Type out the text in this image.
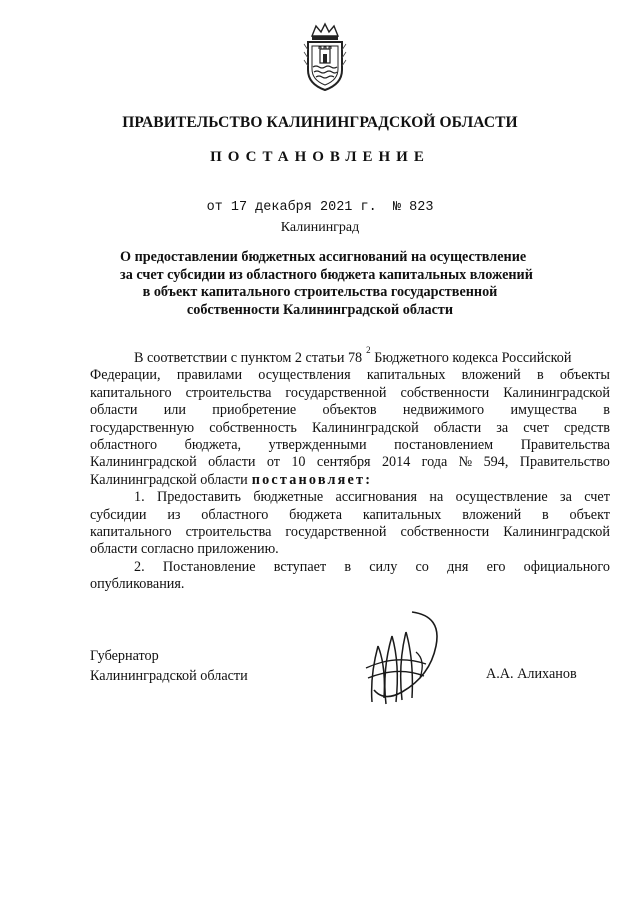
ПРАВИТЕЛЬСТВО КАЛИНИНГРАДСКОЙ ОБЛАСТИ
ПОСТАНОВЛЕНИЕ

от 17 декабря 2021 г. № 823

Калининград

О предоставлении бюджетных ассигнований на осуществление
за счет субсидии из областного бюджета капитальных вложений
в объект капитального строительства государственной
собственности Калининградской области
В соответствии с пунктом 2 статьи 78 2 Бюджетного кодекса Российской
Федерации, правилами осуществления капитальных вложений в объекты
капитального строительства государственной собственности Калининградской
области или приобретение объектов недвижимого имущества в
государственную собственность Калининградской области за счет средств
областного бюджета, утвержденными постановлением Правительства
Калининградской области от 10 сентября 2014 года № 594, Правительство
Калининградской области постановляет:
1. Предоставить бюджетные ассигнования на осуществление за счет
субсидии из областного бюджета капитальных вложений в объект
капитального строительства государственной собственности Калининградской
области согласно приложению.
2. Постановление вступает в силу со дня его официального
опубликования.
Губернатор
Калининградской области	А.А. Алиханов
